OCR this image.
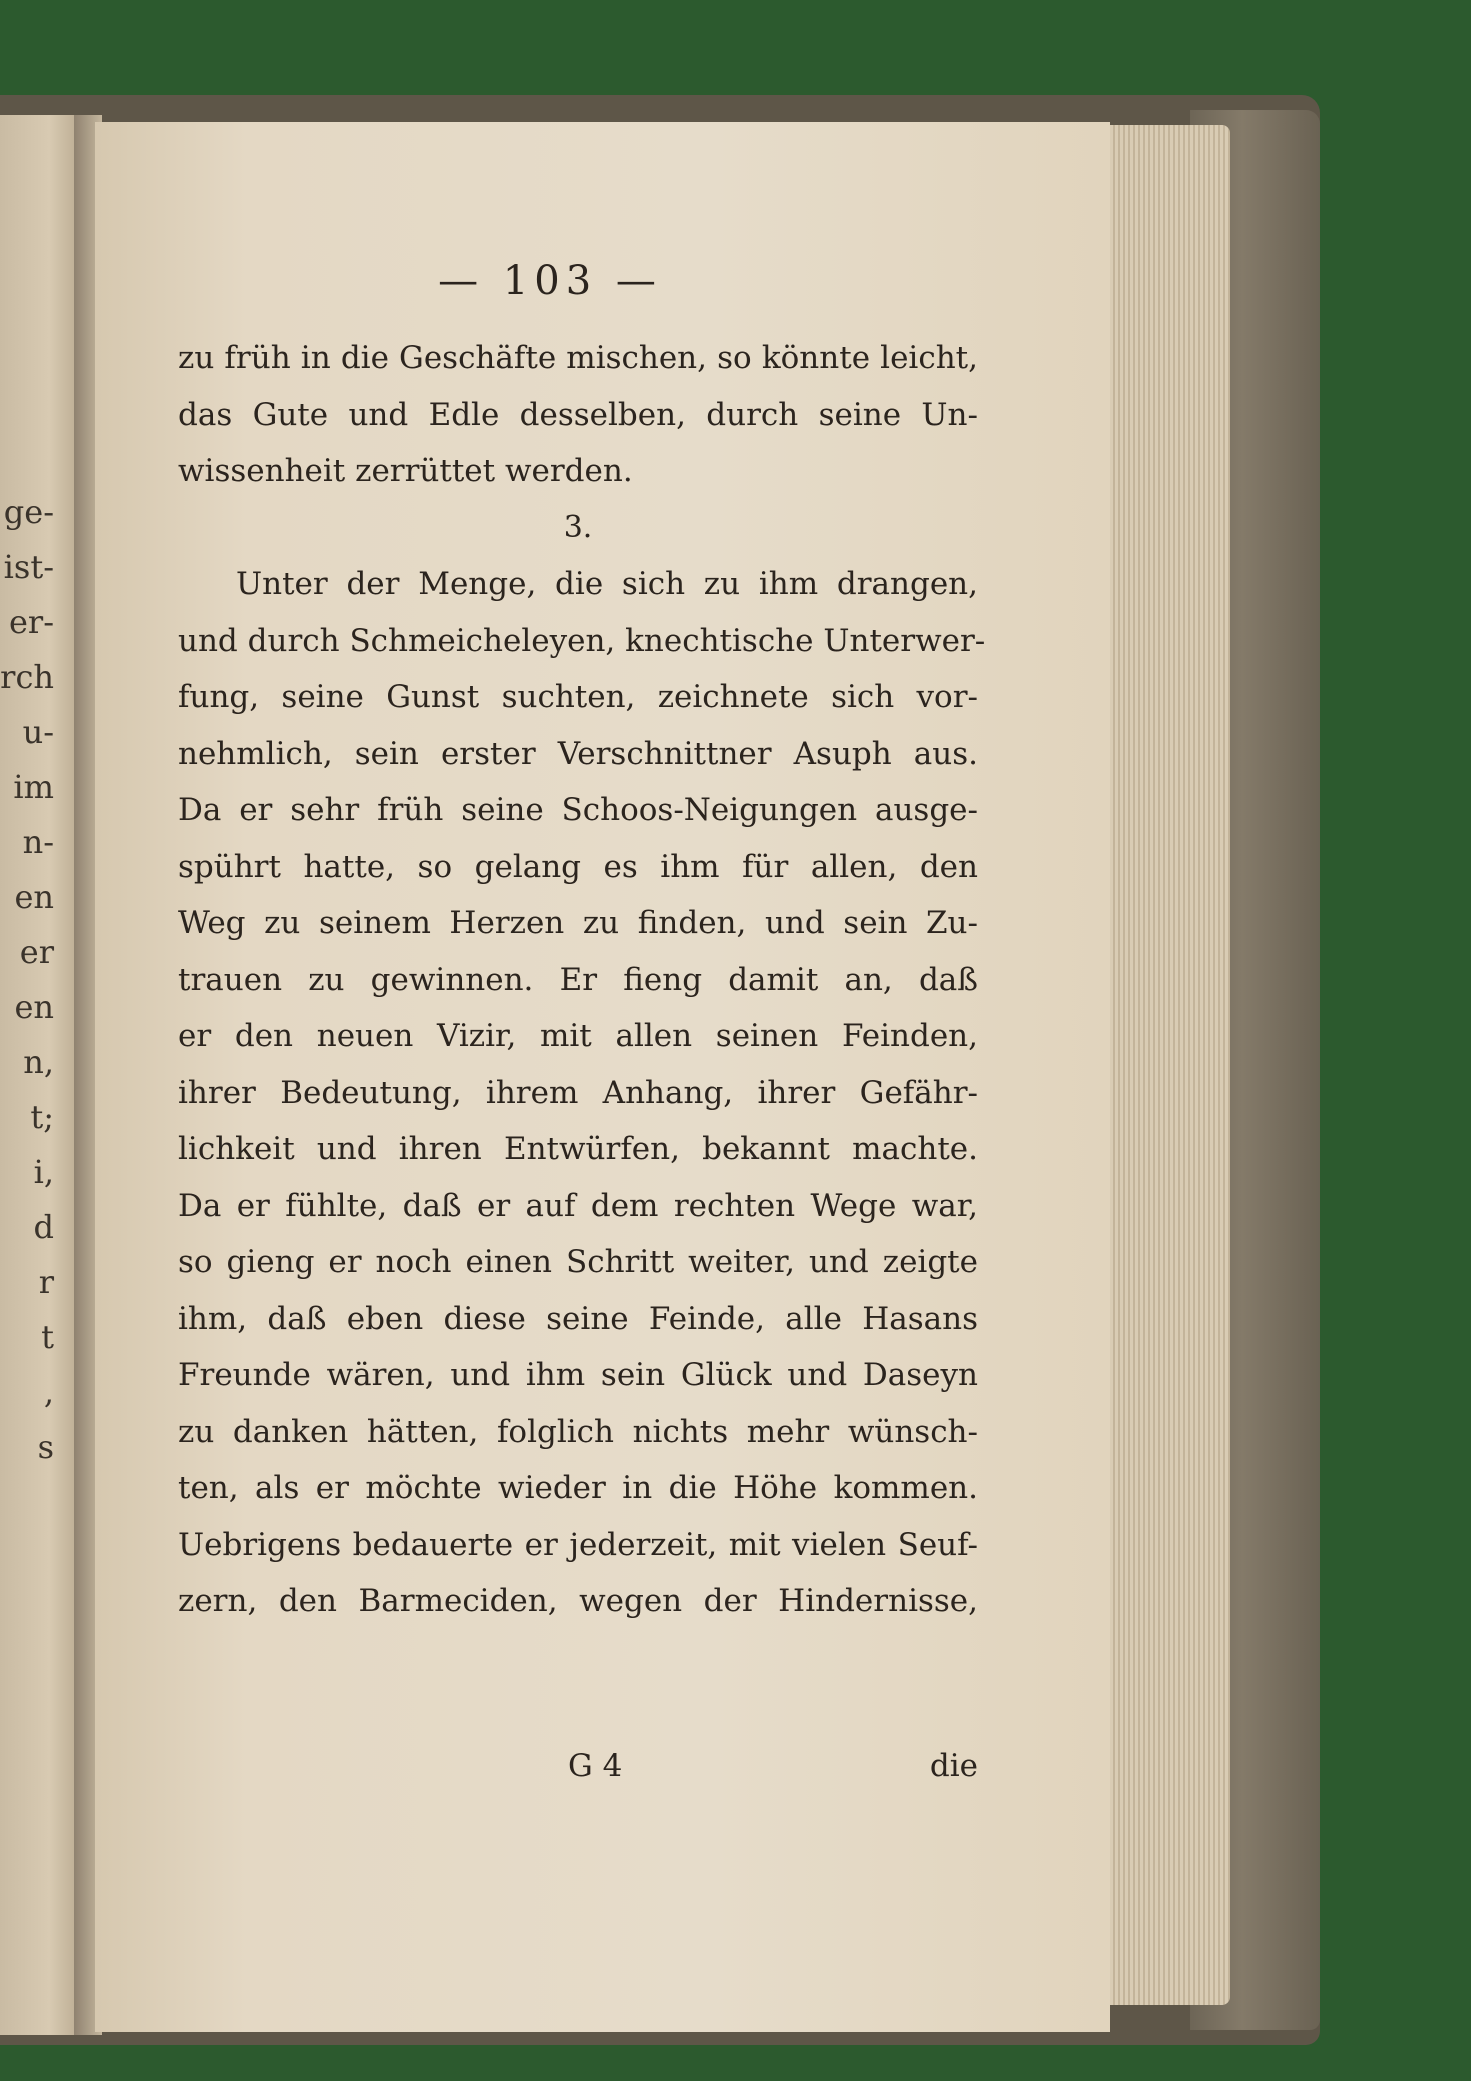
ge-
ist-
er-
rch
u-
im
n-
en
er
en
n,
t;
i,
d
r
t
,
s
— 103 —
zu früh in die Geschäfte mischen, so könnte leicht,
das Gute und Edle desselben, durch seine Un-
wissenheit zerrüttet werden.
3.
Unter der Menge, die sich zu ihm drangen,
und durch Schmeicheleyen, knechtische Unterwer-
fung, seine Gunst suchten, zeichnete sich vor-
nehmlich, sein erster Verschnittner Asuph aus.
Da er sehr früh seine Schoos-Neigungen ausge-
spührt hatte, so gelang es ihm für allen, den
Weg zu seinem Herzen zu finden, und sein Zu-
trauen zu gewinnen. Er fieng damit an, daß
er den neuen Vizir, mit allen seinen Feinden,
ihrer Bedeutung, ihrem Anhang, ihrer Gefähr-
lichkeit und ihren Entwürfen, bekannt machte.
Da er fühlte, daß er auf dem rechten Wege war,
so gieng er noch einen Schritt weiter, und zeigte
ihm, daß eben diese seine Feinde, alle Hasans
Freunde wären, und ihm sein Glück und Daseyn
zu danken hätten, folglich nichts mehr wünsch-
ten, als er möchte wieder in die Höhe kommen.
Uebrigens bedauerte er jederzeit, mit vielen Seuf-
zern, den Barmeciden, wegen der Hindernisse,
G 4	die
